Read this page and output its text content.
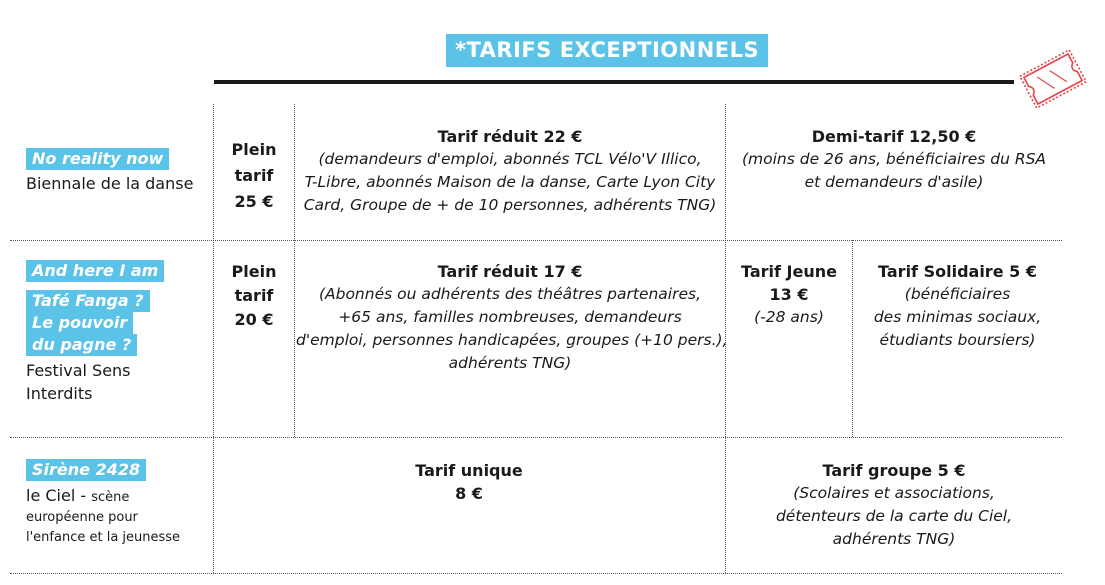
*TARIFS EXCEPTIONNELS
No reality now
Biennale de la danse
Plein
tarif
25 €
Tarif réduit 22 €
(demandeurs d'emploi, abonnés TCL Vélo'V Illico,
T-Libre, abonnés Maison de la danse, Carte Lyon City
Card, Groupe de + de 10 personnes, adhérents TNG)
Demi-tarif 12,50 €
(moins de 26 ans, bénéficiaires du RSA
et demandeurs d'asile)
And here I am
Tafé Fanga ?
Le pouvoir
du pagne ?
Festival Sens
Interdits
Plein
tarif
20 €
Tarif réduit 17 €
(Abonnés ou adhérents des théâtres partenaires,
+65 ans, familles nombreuses, demandeurs
d'emploi, personnes handicapées, groupes (+10 pers.),
adhérents TNG)
Tarif Jeune
13 €
(-28 ans)
Tarif Solidaire 5 €
(bénéficiaires
des minimas sociaux,
étudiants boursiers)
Sirène 2428
le Ciel - scène
européenne pour
l'enfance et la jeunesse
Tarif unique
8 €
Tarif groupe 5 €
(Scolaires et associations,
détenteurs de la carte du Ciel,
adhérents TNG)
